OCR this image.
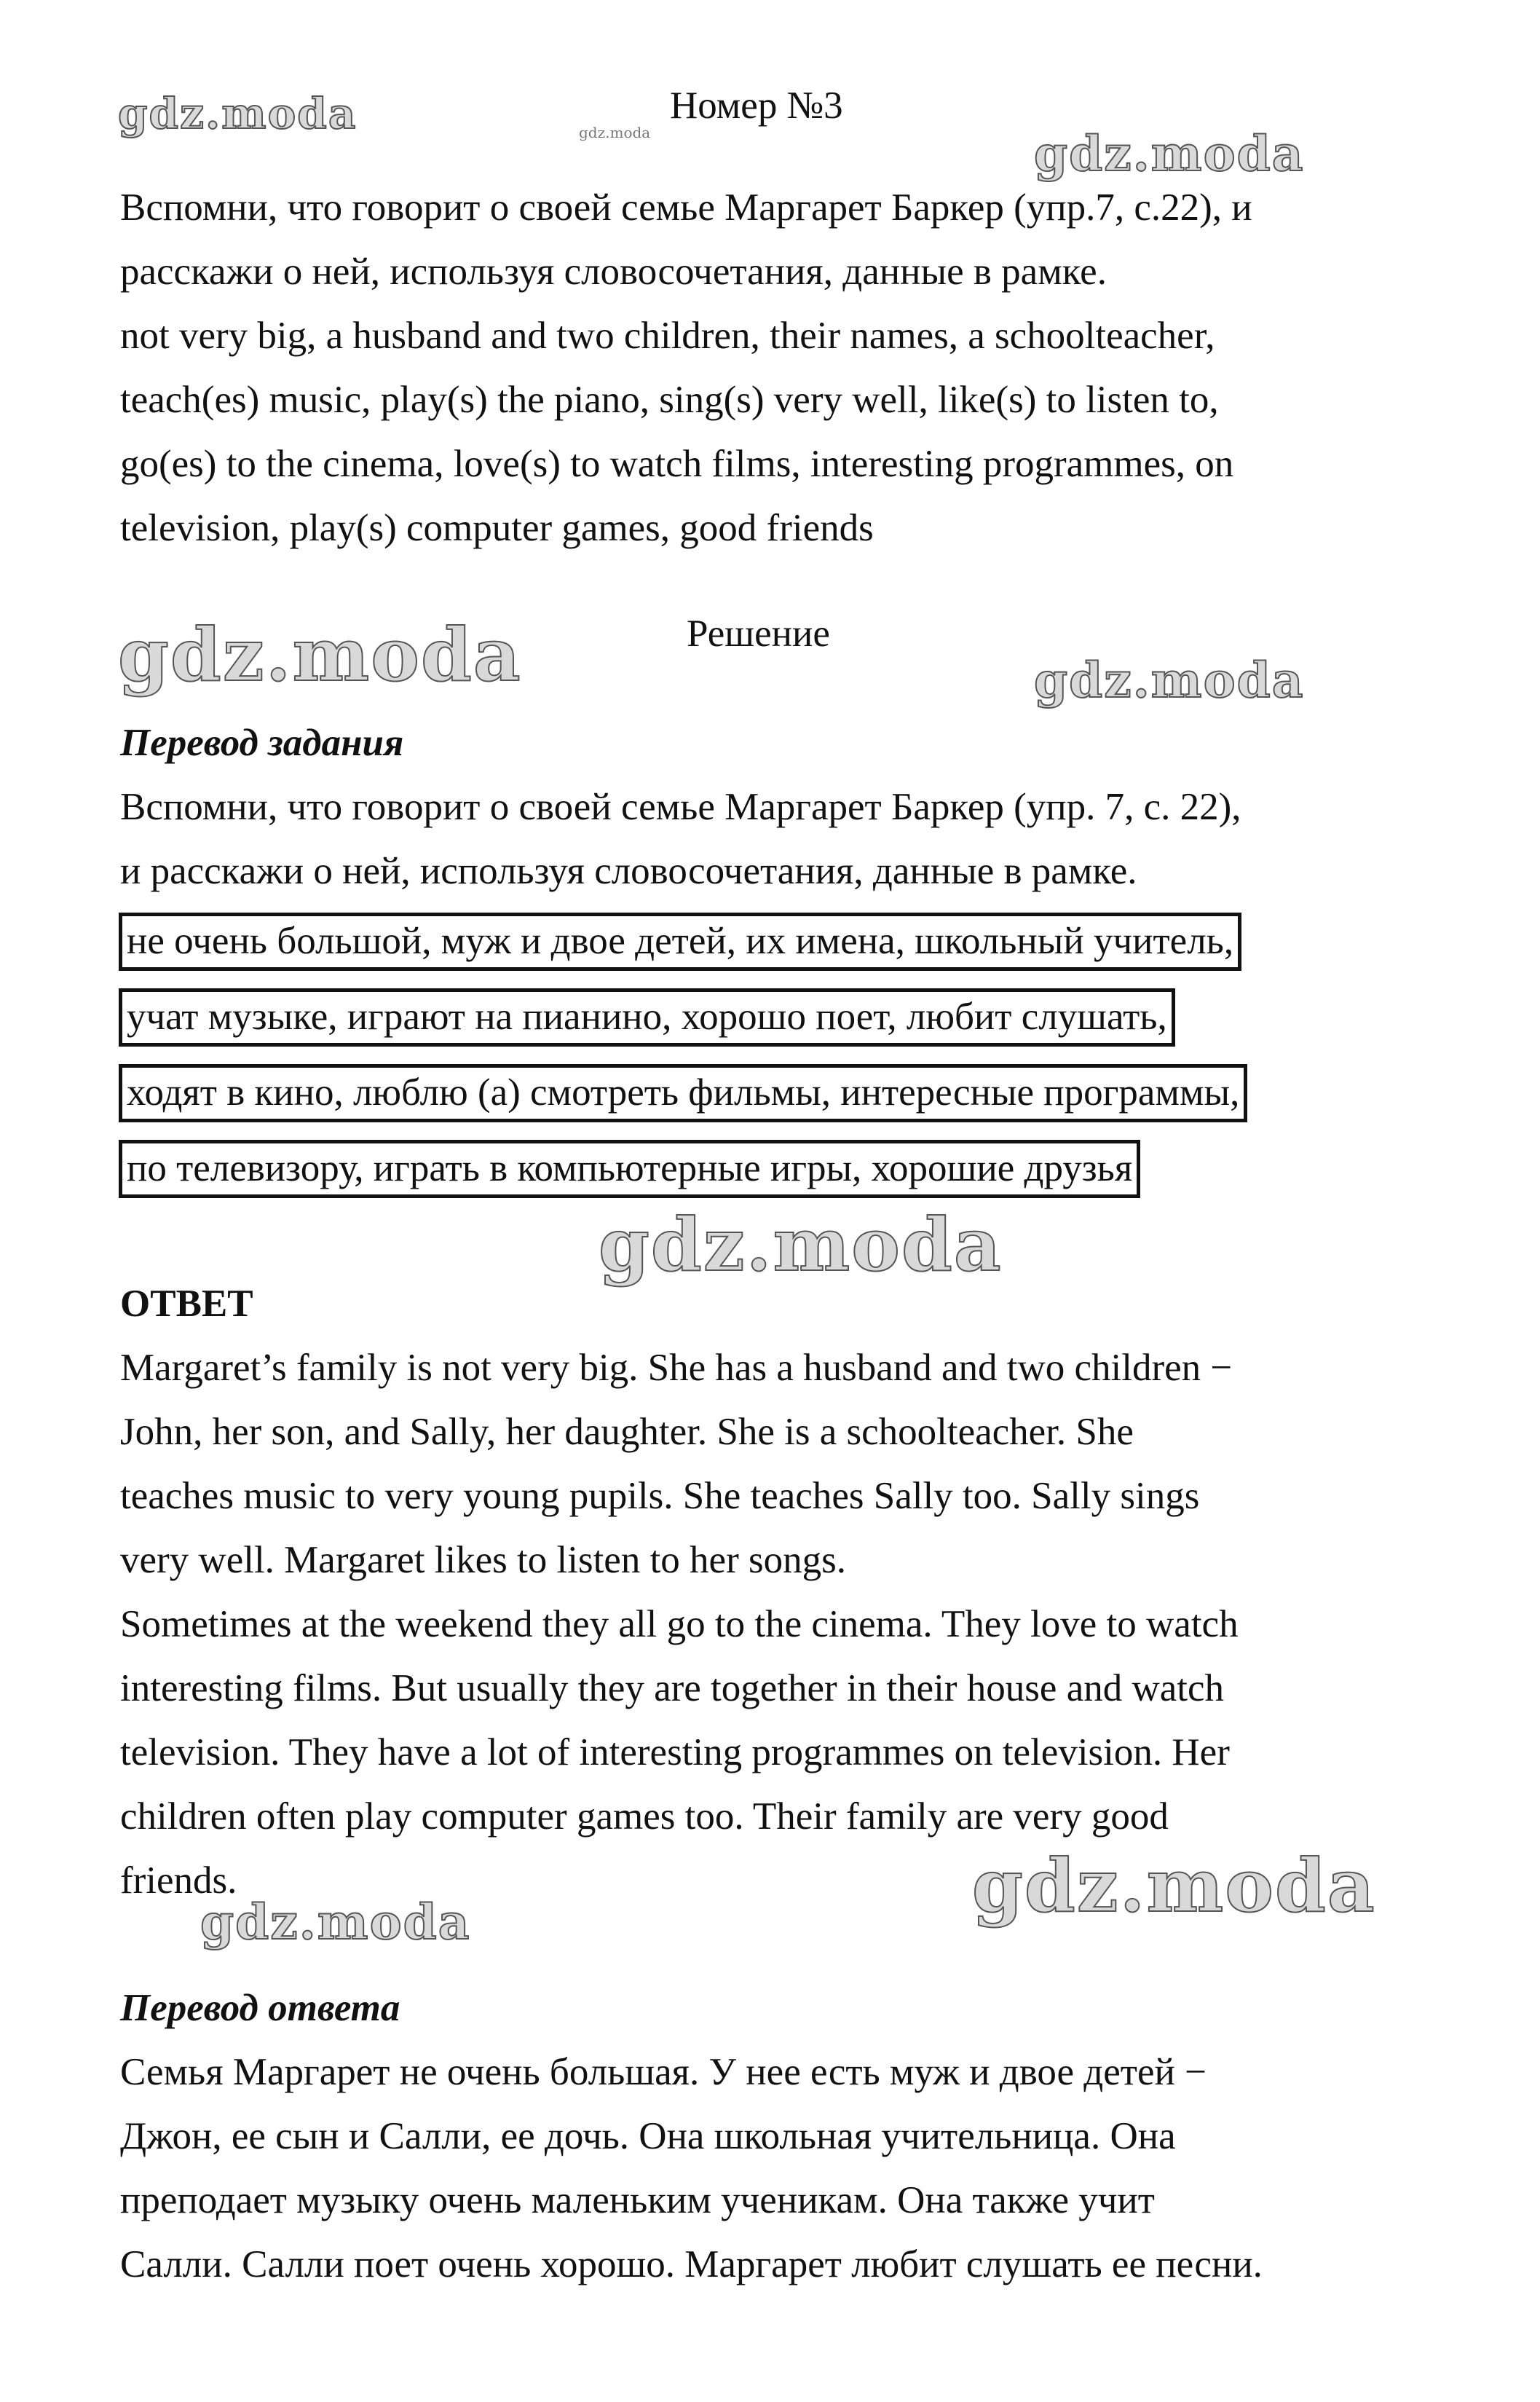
gdz.moda	gdz.moda	gdz.moda
gdz.moda	gdz.moda
gdz.moda
gdz.moda
gdz.moda
Номер №3

Вспомни, что говорит о своей семье Маргарет Баркер (упр.7, с.22), и

расскажи о ней, используя словосочетания, данные в рамке.

not very big, a husband and two children, their names, a schoolteacher,

teach(es) music, play(s) the piano, sing(s) very well, like(s) to listen to,

go(es) to the cinema, love(s) to watch films, interesting programmes, on

television, play(s) computer games, good friends

Решение

Перевод задания

Вспомни, что говорит о своей семье Маргарет Баркер (упр. 7, с. 22),

и расскажи о ней, используя словосочетания, данные в рамке.

не очень большой, муж и двое детей, их имена, школьный учитель,
учат музыке, играют на пианино, хорошо поет, любит слушать,
ходят в кино, люблю (а) смотреть фильмы, интересные программы,
по телевизору, играть в компьютерные игры, хорошие друзья

ОТВЕТ

Margaret’s family is not very big. She has a husband and two children −

John, her son, and Sally, her daughter. She is a schoolteacher. She

teaches music to very young pupils. She teaches Sally too. Sally sings

very well. Margaret likes to listen to her songs.

Sometimes at the weekend they all go to the cinema. They love to watch

interesting films. But usually they are together in their house and watch

television. They have a lot of interesting programmes on television. Her

children often play computer games too. Their family are very good

friends.

Перевод ответа

Семья Маргарет не очень большая. У нее есть муж и двое детей −

Джон, ее сын и Салли, ее дочь. Она школьная учительница. Она

преподает музыку очень маленьким ученикам. Она также учит

Салли. Салли поет очень хорошо. Маргарет любит слушать ее песни.
